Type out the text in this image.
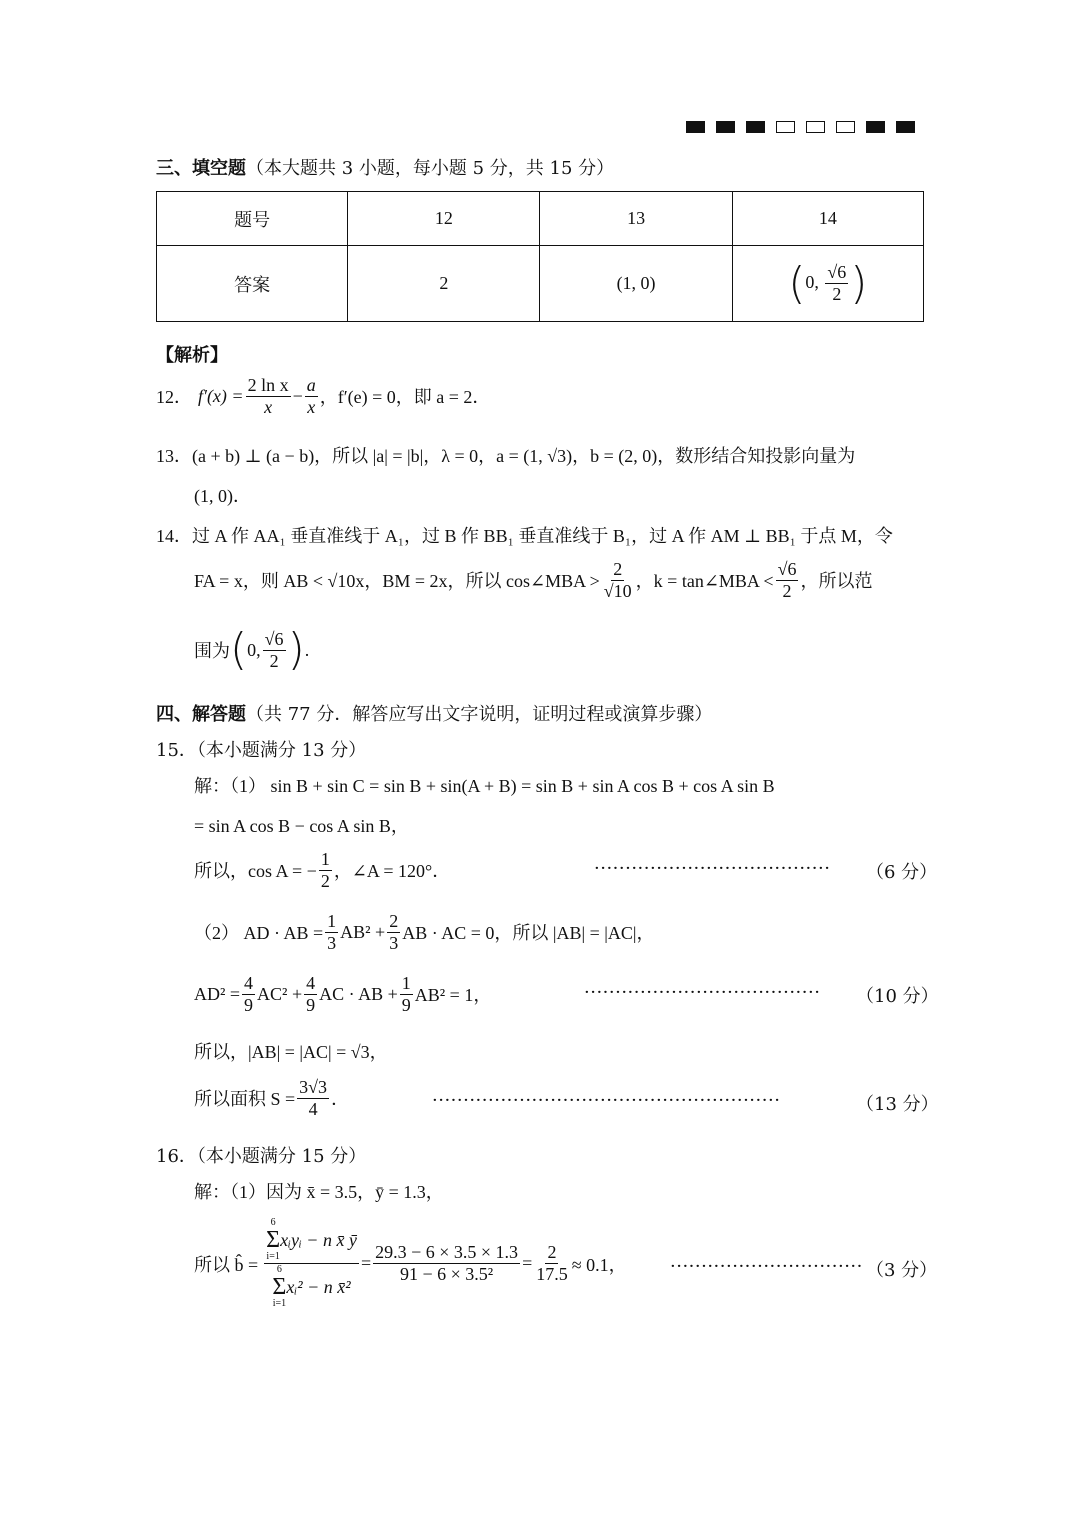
三、填空题（本大题共 3 小题，每小题 5 分，共 15 分）
题号	12	13	14
答案	2	(1, 0)	(0, $\frac{√6}{2}$ )
【解析】
12． $f'(x) = \frac{\text{2 ln x}}{x} - \frac{a}{x}$ ，f′(e) = 0，即 a = 2．
13．(a + b) ⊥ (a − b)，所以 |a| = |b|，λ = 0，a = (1, √3)，b = (2, 0)，数形结合知投影向量为
(1, 0)．
14．过 A 作 AA₁ 垂直准线于 A₁，过 B 作 BB₁ 垂直准线于 B₁，过 A 作 AM ⊥ BB₁ 于点 M，令
FA = x，则 AB < √10x，BM = 2x，所以 cos∠MBA > $\frac{2}{√10}$ ，k = tan∠MBA < $\frac{√6}{2}$ ，所以范
围为 ( 0, $\frac{√6}{2}$ ) .
四、解答题（共 77 分．解答应写出文字说明，证明过程或演算步骤）
15．（本小题满分 13 分）
解：（1） sin B + sin C = sin B + sin(A + B) = sin B + sin A cos B + cos A sin B
= sin A cos B − cos A sin B，
所以，cos A = − $\frac{1}{2}$ ，∠A = 120°．	······································ （6 分）
（2） AD · AB = $\frac{1}{3} AB^2 + \frac{2}{3}$ AB · AC = 0，所以 |AB| = |AC|，
$AD^2 = \frac{4}{9} AC^2 + \frac{4}{9}$ AC · AB + $\frac{1}{9} AB^2 = 1$，	······································ （10 分）
所以，|AB| = |AC| = √3，
所以面积 $S = \frac{3√3}{4}$ ．	························································	（13 分）
16．（本小题满分 15 分）
解：（1）因为 x̄ = 3.5，ȳ = 1.3，
所以 b̂ =
6
Σ
i=1
xᵢyᵢ − n x̄ ȳ
6
Σ
i=1
xᵢ² − n x̄²
= $\frac{29.3 - 6 \times 3.5 \times 1.3}{\text{91 − 6 × 3.5²}} = \frac{2}{17.5} \approx 0.1$， ······························· （3 分）
